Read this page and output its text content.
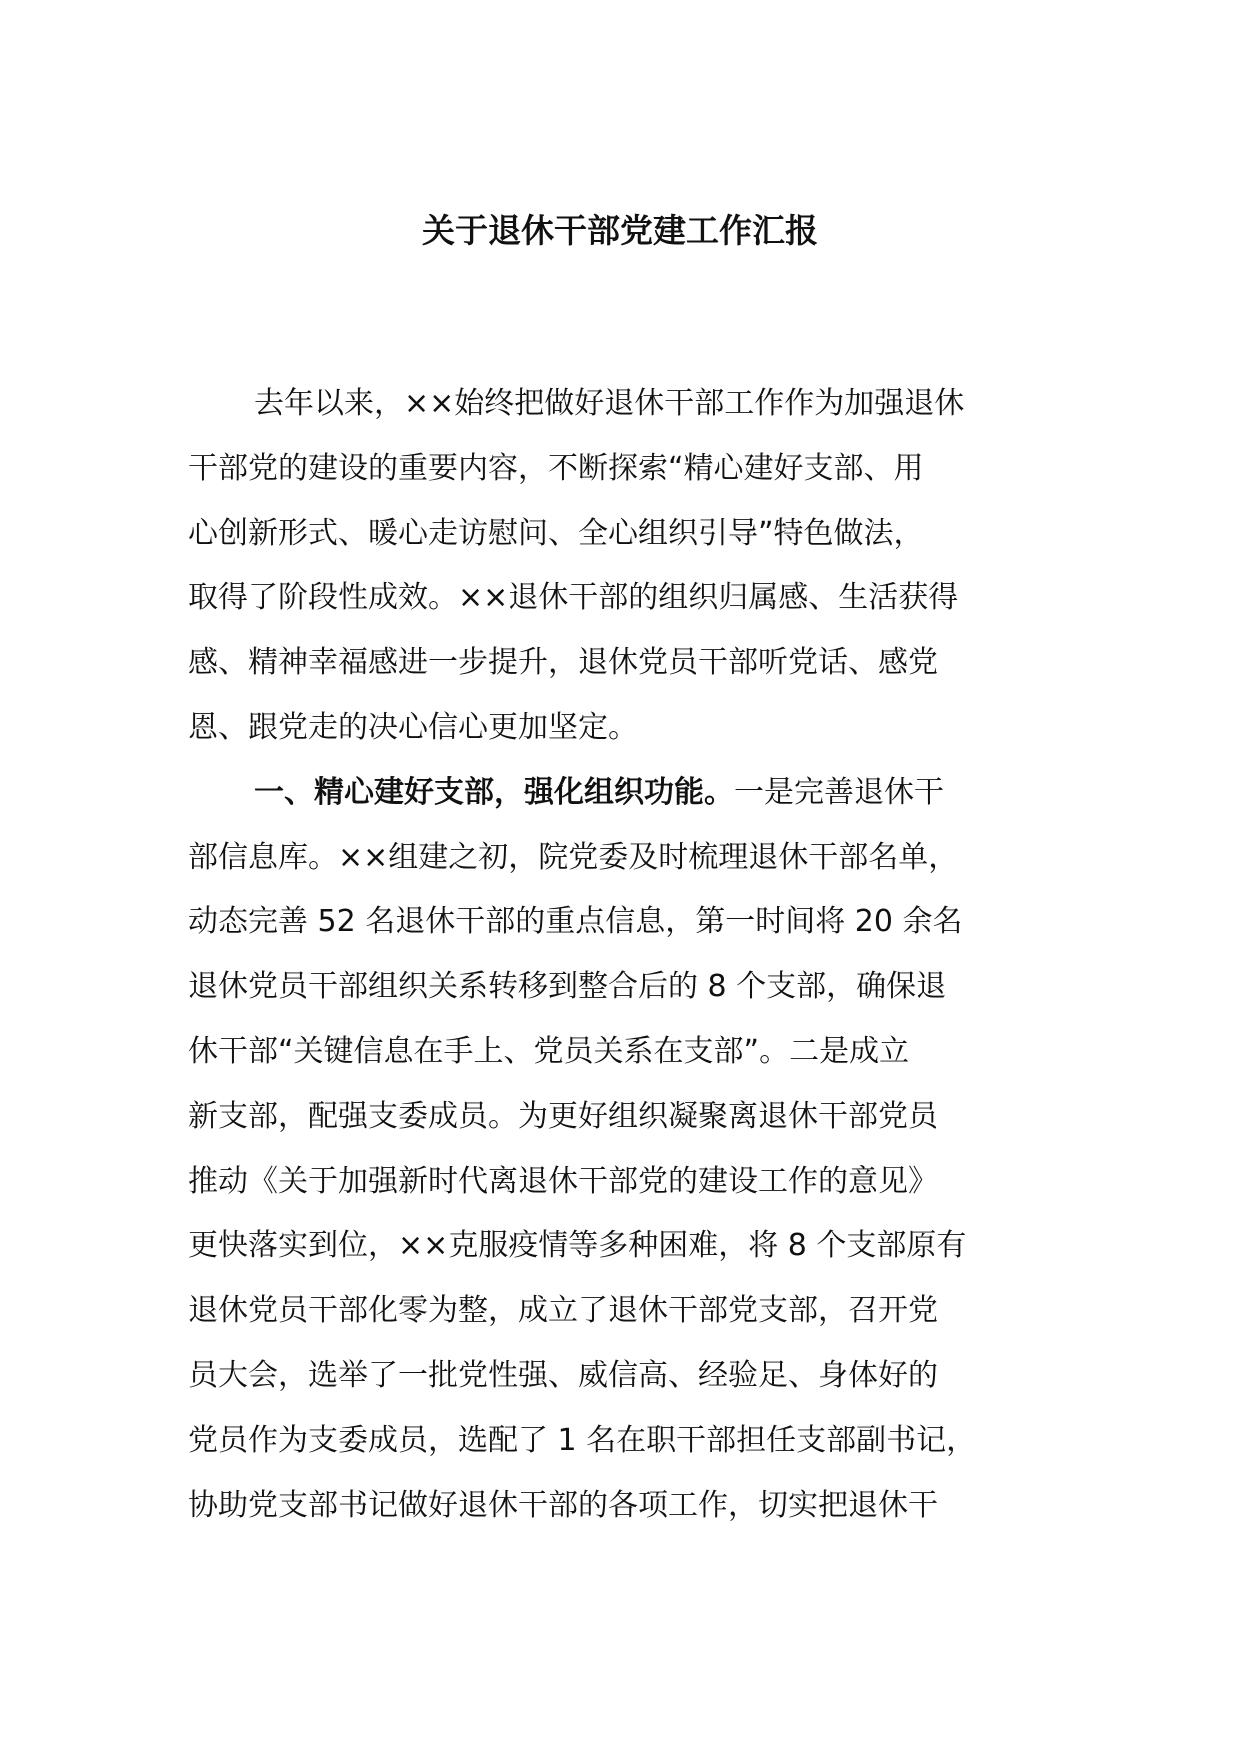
关于退休干部党建工作汇报

去年以来，××始终把做好退休干部工作作为加强退休
干部党的建设的重要内容，不断探索“精心建好支部、用
心创新形式、暖心走访慰问、全心组织引导”特色做法，
取得了阶段性成效。××退休干部的组织归属感、生活获得
感、精神幸福感进一步提升，退休党员干部听党话、感党
恩、跟党走的决心信心更加坚定。

一、精心建好支部，强化组织功能。一是完善退休干
部信息库。××组建之初，院党委及时梳理退休干部名单，
动态完善 52 名退休干部的重点信息，第一时间将 20 余名
退休党员干部组织关系转移到整合后的 8 个支部，确保退
休干部“关键信息在手上、党员关系在支部”。二是成立
新支部，配强支委成员。为更好组织凝聚离退休干部党员
推动《关于加强新时代离退休干部党的建设工作的意见》
更快落实到位，××克服疫情等多种困难，将 8 个支部原有
退休党员干部化零为整，成立了退休干部党支部，召开党
员大会，选举了一批党性强、威信高、经验足、身体好的
党员作为支委成员，选配了 1 名在职干部担任支部副书记，
协助党支部书记做好退休干部的各项工作，切实把退休干
